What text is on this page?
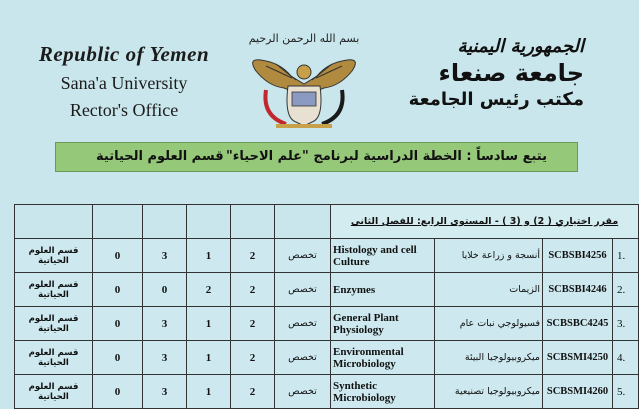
Republic of Yemen
Sana'a University
Rector's Office
بسم الله الرحمن الرحيم	الجمهورية اليمنية
جامعة صنعاء
مكتب رئيس الجامعة
يتبع سادساً : الخطة الدراسية لبرنامج "علم الاحياء"
قسم العلوم الحياتية
						مقرر اختياري ( 2) و (3 ) - المستوى الرابع: للفصل الثاني			
قسم العلوم الحياتية	0	3	1	2	تخصص	Histology and cell Culture	أنسجة و زراعة خلايا	SCBSBI4256	1.
قسم العلوم الحياتية	0	0	2	2	تخصص	Enzymes	الزيمات	SCBSBI4246	2.
قسم العلوم الحياتية	0	3	1	2	تخصص	General Plant Physiology	فسيولوجي نبات عام	SCBSBC4245	3.
قسم العلوم الحياتية	0	3	1	2	تخصص	Environmental Microbiology	ميكروبيولوجيا البيئة	SCBSMI4250	4.
قسم العلوم الحياتية	0	3	1	2	تخصص	Synthetic Microbiology	ميكروبيولوجيا تصنيعية	SCBSMI4260	5.
